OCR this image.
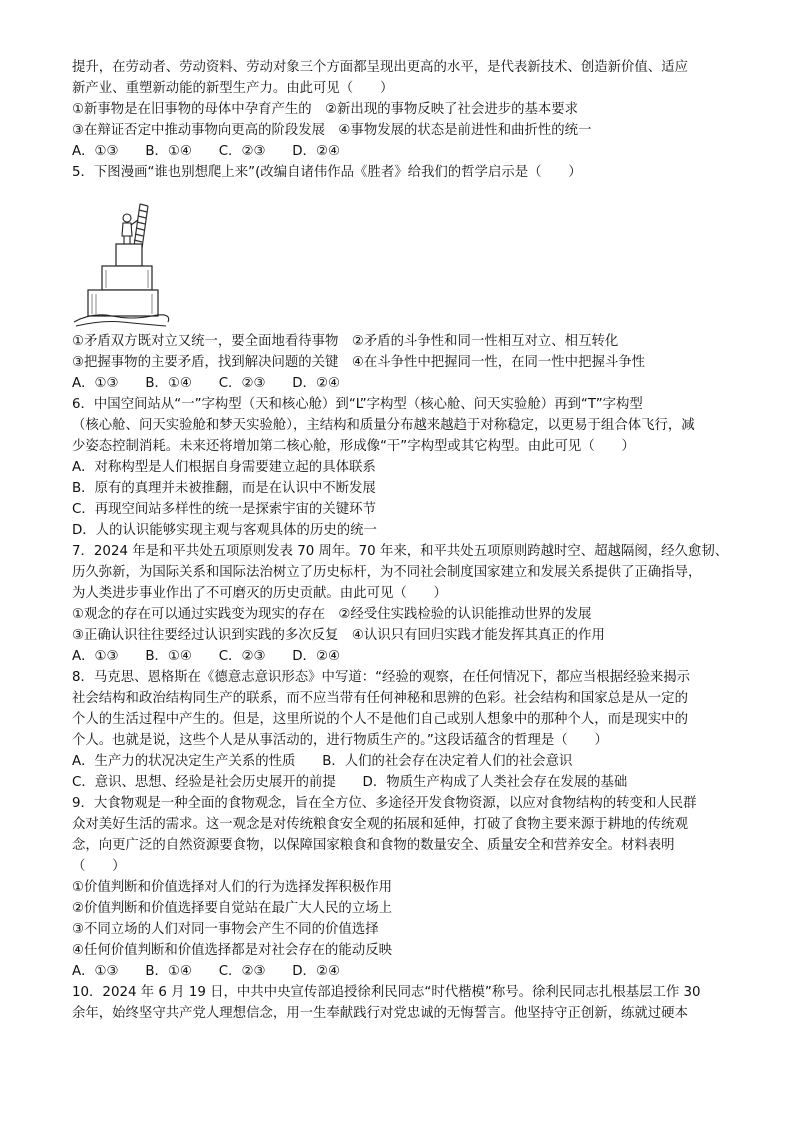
提升，在劳动者、劳动资料、劳动对象三个方面都呈现出更高的水平，是代表新技术、创造新价值、适应
新产业、重塑新动能的新型生产力。由此可见（　　）
①新事物是在旧事物的母体中孕育产生的　②新出现的事物反映了社会进步的基本要求
③在辩证否定中推动事物向更高的阶段发展　④事物发展的状态是前进性和曲折性的统一
A．①③　　B．①④　　C．②③　　D．②④
5．下图漫画“谁也别想爬上来”(改编自诸伟作品《胜者》给我们的哲学启示是（　　）
①矛盾双方既对立又统一，要全面地看待事物　②矛盾的斗争性和同一性相互对立、相互转化
③把握事物的主要矛盾，找到解决问题的关键　④在斗争性中把握同一性，在同一性中把握斗争性
A．①③　　B．①④　　C．②③　　D．②④
6．中国空间站从“一”字构型（天和核心舱）到“L”字构型（核心舱、问天实验舱）再到“T”字构型
（核心舱、问天实验舱和梦天实验舱），主结构和质量分布越来越趋于对称稳定，以更易于组合体飞行，减
少姿态控制消耗。未来还将增加第二核心舱，形成像“干”字构型或其它构型。由此可见（　　）
A．对称构型是人们根据自身需要建立起的具体联系
B．原有的真理并未被推翻，而是在认识中不断发展
C．再现空间站多样性的统一是探索宇宙的关键环节
D．人的认识能够实现主观与客观具体的历史的统一
7．2024 年是和平共处五项原则发表 70 周年。70 年来，和平共处五项原则跨越时空、超越隔阂，经久愈韧、
历久弥新，为国际关系和国际法治树立了历史标杆，为不同社会制度国家建立和发展关系提供了正确指导，
为人类进步事业作出了不可磨灭的历史贡献。由此可见（　　）
①观念的存在可以通过实践变为现实的存在　②经受住实践检验的认识能推动世界的发展
③正确认识往往要经过认识到实践的多次反复　④认识只有回归实践才能发挥其真正的作用
A．①③　　B．①④　　C．②③　　D．②④
8．马克思、恩格斯在《德意志意识形态》中写道：“经验的观察，在任何情况下，都应当根据经验来揭示
社会结构和政治结构同生产的联系，而不应当带有任何神秘和思辨的色彩。社会结构和国家总是从一定的
个人的生活过程中产生的。但是，这里所说的个人不是他们自己或别人想象中的那种个人，而是现实中的
个人。也就是说，这些个人是从事活动的，进行物质生产的。”这段话蕴含的哲理是（　　）
A．生产力的状况决定生产关系的性质　　B．人们的社会存在决定着人们的社会意识
C．意识、思想、经验是社会历史展开的前提　　D．物质生产构成了人类社会存在发展的基础
9．大食物观是一种全面的食物观念，旨在全方位、多途径开发食物资源，以应对食物结构的转变和人民群
众对美好生活的需求。这一观念是对传统粮食安全观的拓展和延伸，打破了食物主要来源于耕地的传统观
念，向更广泛的自然资源要食物，以保障国家粮食和食物的数量安全、质量安全和营养安全。材料表明
（　　）
①价值判断和价值选择对人们的行为选择发挥积极作用
②价值判断和价值选择要自觉站在最广大人民的立场上
③不同立场的人们对同一事物会产生不同的价值选择
④任何价值判断和价值选择都是对社会存在的能动反映
A．①③　　B．①④　　C．②③　　D．②④
10．2024 年 6 月 19 日，中共中央宣传部追授徐利民同志“时代楷模”称号。徐利民同志扎根基层工作 30
余年，始终坚守共产党人理想信念，用一生奉献践行对党忠诚的无悔誓言。他坚持守正创新，练就过硬本
